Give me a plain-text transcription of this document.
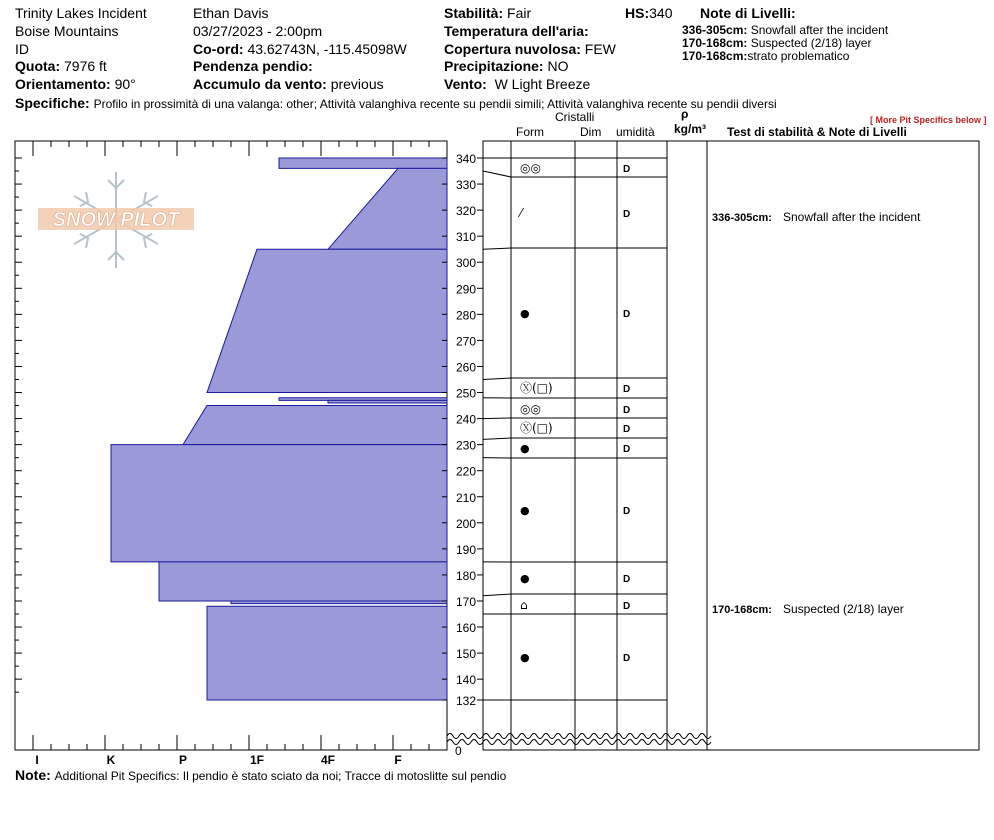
Trinity Lakes Incident
Boise Mountains
ID
Quota: 7976 ft
Orientamento: 90°
Ethan Davis
03/27/2023 - 2:00pm
Co-ord: 43.62743N, -115.45098W
Pendenza pendio:
Accumulo da vento: previous
Stabilità: Fair	HS:340
Temperatura dell'aria:
Copertura nuvolosa: FEW
Precipitazione: NO
Vento: W Light Breeze
Note di Livelli:
336-305cm: Snowfall after the incident
170-168cm: Suspected (2/18) layer
170-168cm:strato problematico
Specifiche: Profilo in prossimità di una valanga: other; Attività valanghiva recente su pendii simili; Attività valanghiva recente su pendii diversi
[ More Pit Specifics below ]
Cristalli
Form	Dim umidità
ρ
kg/m³ Test di stabilità & Note di Livelli
132
140
150
160
170
180
190
200
210
220
230
240
250
260
270
280
290
300
310
320
330
340
0
◎◎	D
⁄	D
●	D
Ⓧ(□)	D
◎◎	D
Ⓧ(□)	D
●	D
●	D
●	D
⌂	D
●	D
I	K	P	1F	4F	F
336-305cm: Snowfall after the incident
170-168cm: Suspected (2/18) layer
SNOW PILOT
Note: Additional Pit Specifics: Il pendio è stato sciato da noi; Tracce di motoslitte sul pendio
